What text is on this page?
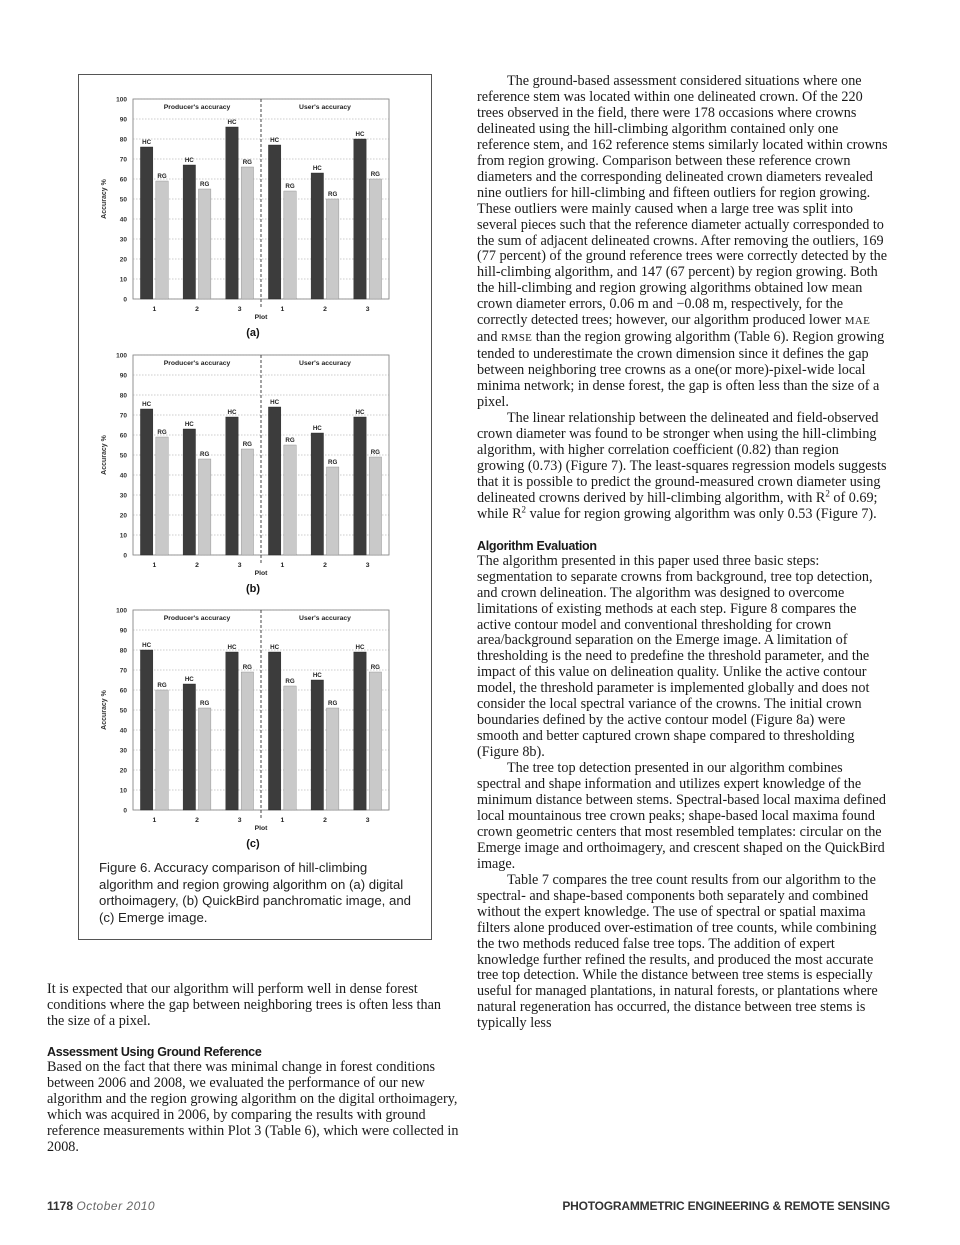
0
10
20
30
40
50
60
70
80
90
100
Accuracy %
Producer's accuracy	User's accuracy
HC
RG
1
HC
RG
2
HC
RG
3
HC
RG
1
HC
RG
2
HC
RG
3
Plot
(a)
0
10
20
30
40
50
60
70
80
90
100
Accuracy %
Producer's accuracy	User's accuracy
HC
RG
1
HC
RG
2
HC
RG
3
HC
RG
1
HC
RG
2
HC
RG
3
Plot
(b)
0
10
20
30
40
50
60
70
80
90
100
Accuracy %
Producer's accuracy	User's accuracy
HC
RG
1
HC
RG
2
HC
RG
3
HC
RG
1
HC
RG
2
HC
RG
3
Plot
(c)
Figure 6. Accuracy comparison of hill-climbing algorithm and region growing algorithm on (a) digital orthoimagery, (b) QuickBird panchromatic image, and (c) Emerge image.

It is expected that our algorithm will perform well in dense forest conditions where the gap between neighboring trees is often less than the size of a pixel.

Assessment Using Ground Reference

Based on the fact that there was minimal change in forest conditions between 2006 and 2008, we evaluated the performance of our new algorithm and the region growing algorithm on the digital orthoimagery, which was acquired in 2006, by comparing the results with ground reference measurements within Plot 3 (Table 6), which were collected in 2008.

The ground-based assessment considered situations where one reference stem was located within one delineated crown. Of the 220 trees observed in the field, there were 178 occasions where crowns delineated using the hill-climbing algorithm contained only one reference stem, and 162 reference stems similarly located within crowns from region growing. Comparison between these reference crown diameters and the corresponding delineated crown diameters revealed nine outliers for hill-climbing and fifteen outliers for region growing. These outliers were mainly caused when a large tree was split into several pieces such that the reference diameter actually corresponded to the sum of adjacent delineated crowns. After removing the outliers, 169 (77 percent) of the ground reference trees were correctly detected by the hill-climbing algorithm, and 147 (67 percent) by region growing. Both the hill-climbing and region growing algorithms obtained low mean crown diameter errors, 0.06 m and −0.08 m, respectively, for the correctly detected trees; however, our algorithm produced lower MAE and RMSE than the region growing algorithm (Table 6). Region growing tended to underestimate the crown dimension since it defines the gap between neighboring tree crowns as a one(or more)-pixel-wide local minima network; in dense forest, the gap is often less than the size of a pixel.

The linear relationship between the delineated and field-observed crown diameter was found to be stronger when using the hill-climbing algorithm, with higher correlation coefficient (0.82) than region growing (0.73) (Figure 7). The least-squares regression models suggests that it is possible to predict the ground-measured crown diameter using delineated crowns derived by hill-climbing algorithm, with $R^2$ of 0.69; while $R^2$ value for region growing algorithm was only 0.53 (Figure 7).

Algorithm Evaluation

The algorithm presented in this paper used three basic steps: segmentation to separate crowns from background, tree top detection, and crown delineation. The algorithm was designed to overcome limitations of existing methods at each step. Figure 8 compares the active contour model and conventional thresholding for crown area/background separation on the Emerge image. A limitation of thresholding is the need to predefine the threshold parameter, and the impact of this value on delineation quality. Unlike the active contour model, the threshold parameter is implemented globally and does not consider the local spectral variance of the crowns. The initial crown boundaries defined by the active contour model (Figure 8a) were smooth and better captured crown shape compared to thresholding (Figure 8b).

The tree top detection presented in our algorithm combines spectral and shape information and utilizes expert knowledge of the minimum distance between stems. Spectral-based local maxima defined local mountainous tree crown peaks; shape-based local maxima found crown geometric centers that most resembled templates: circular on the Emerge image and orthoimagery, and crescent shaped on the QuickBird image.

Table 7 compares the tree count results from our algorithm to the spectral- and shape-based components both separately and combined without the expert knowledge. The use of spectral or spatial maxima filters alone produced over-estimation of tree counts, while combining the two methods reduced false tree tops. The addition of expert knowledge further refined the results, and produced the most accurate tree top detection. While the distance between tree stems is especially useful for managed plantations, in natural forests, or plantations where natural regeneration has occurred, the distance between tree stems is typically less

1178 October 2010	PHOTOGRAMMETRIC ENGINEERING & REMOTE SENSING
